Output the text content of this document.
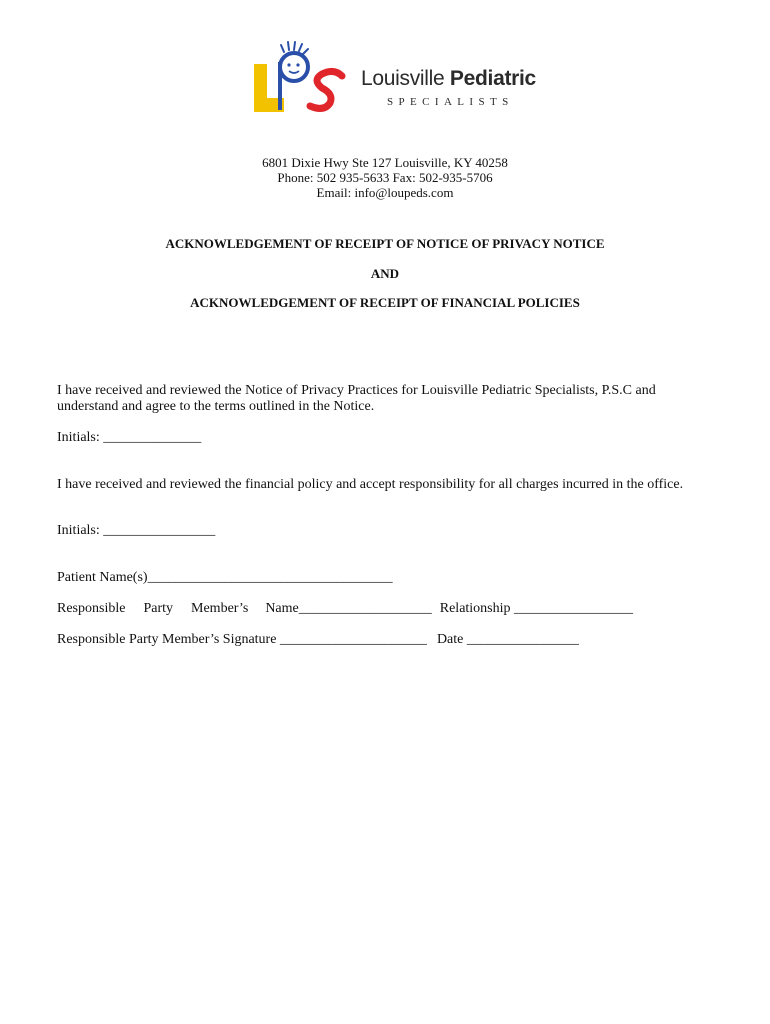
Louisville Pediatric
SPECIALISTS
6801 Dixie Hwy Ste 127 Louisville, KY 40258
Phone: 502 935-5633 Fax: 502-935-5706
Email: info@loupeds.com
ACKNOWLEDGEMENT OF RECEIPT OF NOTICE OF PRIVACY NOTICE
AND
ACKNOWLEDGEMENT OF RECEIPT OF FINANCIAL POLICIES
I have received and reviewed the Notice of Privacy Practices for Louisville Pediatric Specialists, P.S.C and
understand and agree to the terms outlined in the Notice.
Initials: ______________
I have received and reviewed the financial policy and accept responsibility for all charges incurred in the office.
Initials: ________________
Patient Name(s)___________________________________
Responsible Party Member’s Name___________________ Relationship _________________
Responsible Party Member’s Signature _____________________ Date ________________
